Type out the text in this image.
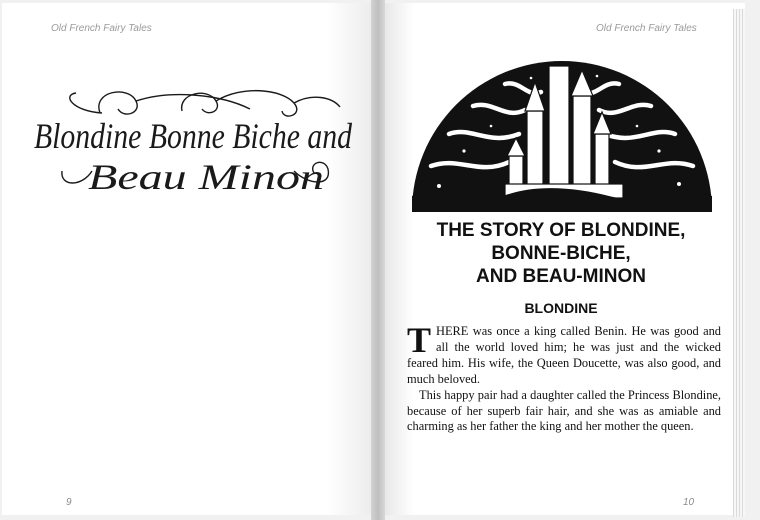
Old French Fairy Tales
Blondine Bonne Biche and
Beau Minon
9
Old French Fairy Tales
THE STORY OF BLONDINE,
BONNE-BICHE,
AND BEAU-MINON
BLONDINE

THERE was once a king called Benin. He was good and all the world loved him; he was just and the wicked feared him. His wife, the Queen Doucette, was also good, and much beloved.

This happy pair had a daughter called the Princess Blondine, because of her superb fair hair, and she was as amiable and charming as her father the king and her mother the queen.

10
